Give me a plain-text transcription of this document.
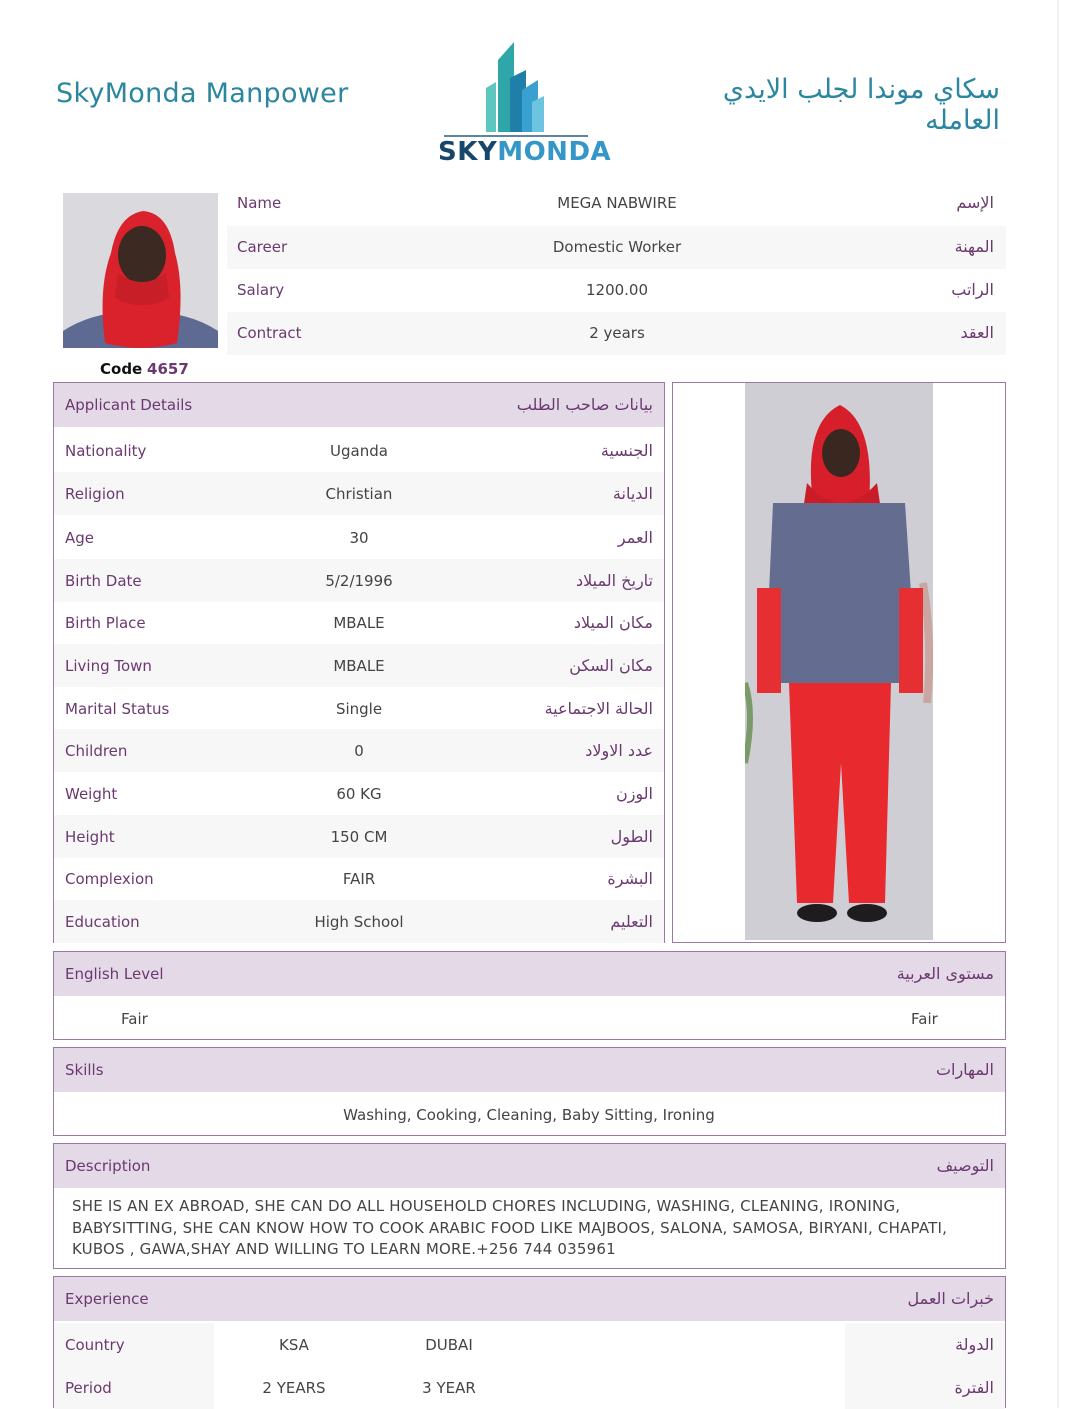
SkyMonda Manpower
SKYMONDA
سكاي موندا لجلب الايدي العامله
Code 4657
Name	MEGA NABWIRE	الإسم
Career	Domestic Worker	المهنة
Salary	1200.00	الراتب
Contract	2 years	العقد
Applicant Details	بيانات صاحب الطلب
Nationality	Uganda	الجنسية
Religion	Christian	الديانة
Age	30	العمر
Birth Date	5/2/1996	تاريخ الميلاد
Birth Place	MBALE	مكان الميلاد
Living Town	MBALE	مكان السكن
Marital Status	Single	الحالة الاجتماعية
Children	0	عدد الاولاد
Weight	60 KG	الوزن
Height	150 CM	الطول
Complexion	FAIR	البشرة
Education	High School	التعليم
English Level	مستوى العربية
Fair	Fair
Skills	المهارات
Washing, Cooking, Cleaning, Baby Sitting, Ironing
Description	التوصيف
SHE IS AN EX ABROAD, SHE CAN DO ALL HOUSEHOLD CHORES INCLUDING, WASHING, CLEANING, IRONING, BABYSITTING, SHE CAN KNOW HOW TO COOK ARABIC FOOD LIKE MAJBOOS, SALONA, SAMOSA, BIRYANI, CHAPATI, KUBOS , GAWA,SHAY AND WILLING TO LEARN MORE.+256 744 035961
Experience	خبرات العمل
Country	KSA	DUBAI	الدولة
Period	2 YEARS	3 YEAR	الفترة
